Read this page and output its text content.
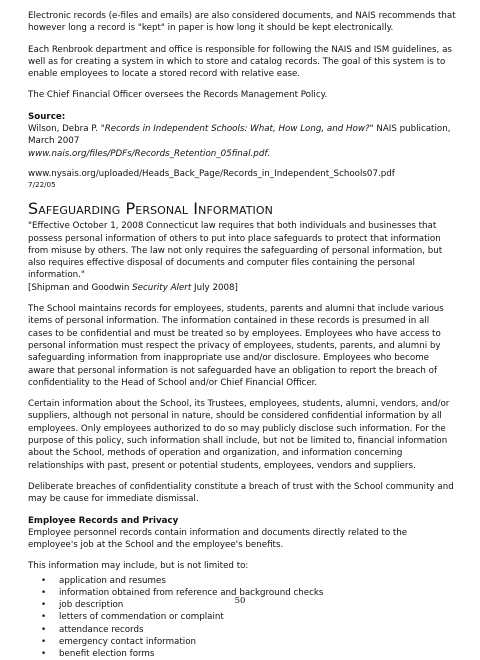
Electronic records (e-files and emails) are also considered documents, and NAIS recommends that however long a record is "kept" in paper is how long it should be kept electronically.

Each Renbrook department and office is responsible for following the NAIS and ISM guidelines, as well as for creating a system in which to store and catalog records. The goal of this system is to enable employees to locate a stored record with relative ease.

The Chief Financial Officer oversees the Records Management Policy.

Source:
Wilson, Debra P. "Records in Independent Schools: What, How Long, and How?" NAIS publication, March 2007
www.nais.org/files/PDFs/Records_Retention_05final.pdf.
www.nysais.org/uploaded/Heads_Back_Page/Records_in_Independent_Schools07.pdf
7/22/05
Safeguarding Personal Information

"Effective October 1, 2008 Connecticut law requires that both individuals and businesses that possess personal information of others to put into place safeguards to protect that information from misuse by others. The law not only requires the safeguarding of personal information, but also requires effective disposal of documents and computer files containing the personal information."
[Shipman and Goodwin Security Alert July 2008]

The School maintains records for employees, students, parents and alumni that include various items of personal information. The information contained in these records is presumed in all cases to be confidential and must be treated so by employees. Employees who have access to personal information must respect the privacy of employees, students, parents, and alumni by safeguarding information from inappropriate use and/or disclosure. Employees who become aware that personal information is not safeguarded have an obligation to report the breach of confidentiality to the Head of School and/or Chief Financial Officer.

Certain information about the School, its Trustees, employees, students, alumni, vendors, and/or suppliers, although not personal in nature, should be considered confidential information by all employees. Only employees authorized to do so may publicly disclose such information. For the purpose of this policy, such information shall include, but not be limited to, financial information about the School, methods of operation and organization, and information concerning relationships with past, present or potential students, employees, vendors and suppliers.

Deliberate breaches of confidentiality constitute a breach of trust with the School community and may be cause for immediate dismissal.

Employee Records and Privacy

Employee personnel records contain information and documents directly related to the employee's job at the School and the employee's benefits.

This information may include, but is not limited to:

• application and resumes
• information obtained from reference and background checks
• job description
• letters of commendation or complaint
• attendance records
• emergency contact information
• benefit election forms
50
